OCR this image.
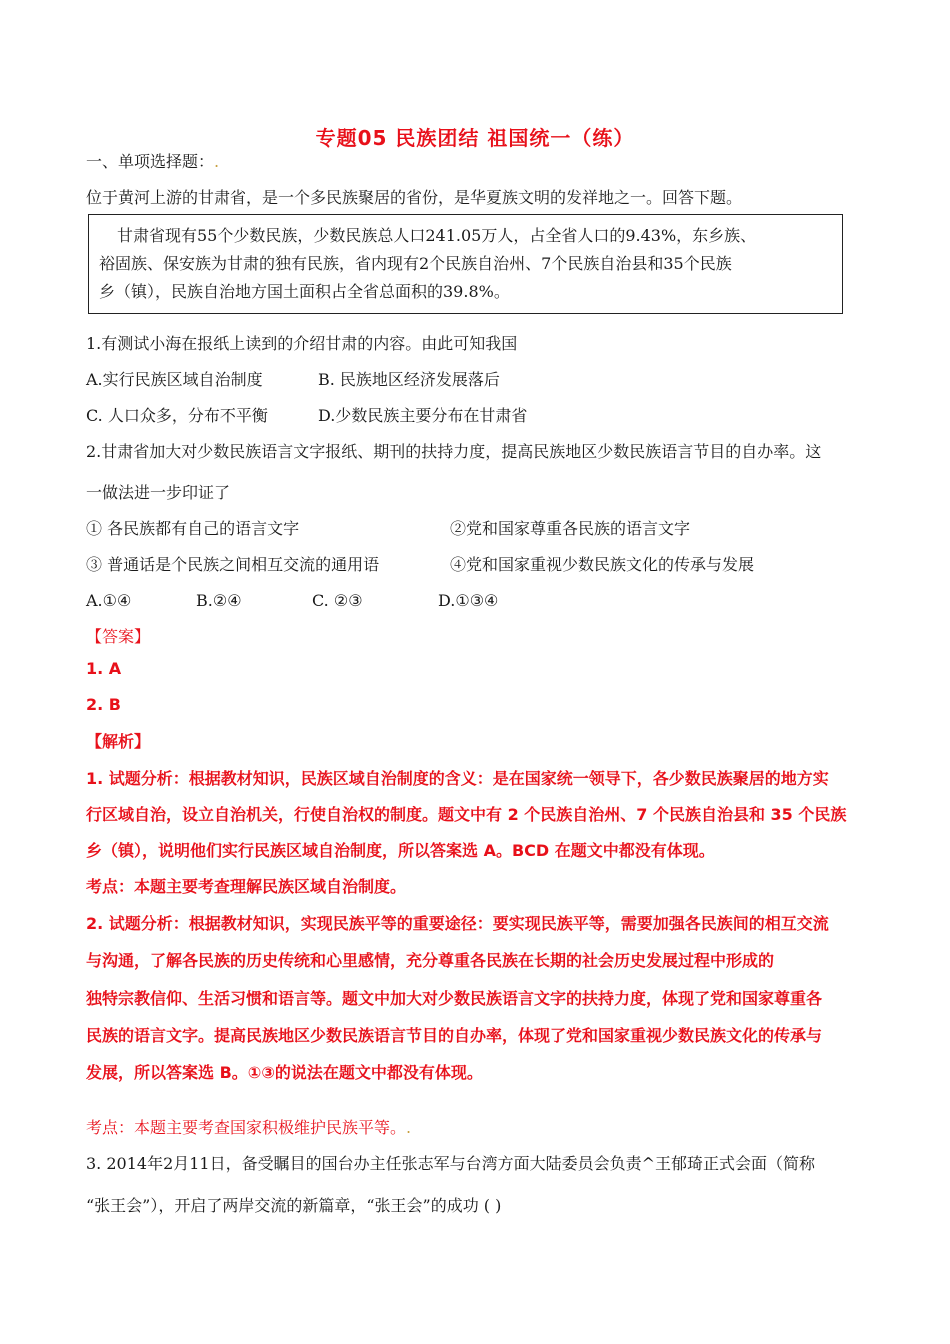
专题05 民族团结 祖国统一（练）
一、单项选择题：.
位于黄河上游的甘肃省，是一个多民族聚居的省份，是华夏族文明的发祥地之一。回答下题。
甘肃省现有55个少数民族，少数民族总人口241.05万人，占全省人口的9.43%，东乡族、
裕固族、保安族为甘肃的独有民族，省内现有2个民族自治州、7个民族自治县和35个民族
乡（镇），民族自治地方国土面积占全省总面积的39.8%。
1.有测试小海在报纸上读到的介绍甘肃的内容。由此可知我国
A.实行民族区域自治制度	B. 民族地区经济发展落后
C. 人口众多，分布不平衡	D.少数民族主要分布在甘肃省
2.甘肃省加大对少数民族语言文字报纸、期刊的扶持力度，提高民族地区少数民族语言节目的自办率。这
一做法进一步印证了
① 各民族都有自己的语言文字	②党和国家尊重各民族的语言文字
③ 普通话是个民族之间相互交流的通用语	④党和国家重视少数民族文化的传承与发展
A.①④	B.②④	C. ②③	D.①③④
【答案】
1. A
2. B
【解析】
1. 试题分析：根据教材知识，民族区域自治制度的含义：是在国家统一领导下，各少数民族聚居的地方实
行区域自治，设立自治机关，行使自治权的制度。题文中有 2 个民族自治州、7 个民族自治县和 35 个民族
乡（镇），说明他们实行民族区域自治制度，所以答案选 A。BCD 在题文中都没有体现。
考点：本题主要考查理解民族区域自治制度。
2. 试题分析：根据教材知识，实现民族平等的重要途径：要实现民族平等，需要加强各民族间的相互交流
与沟通，了解各民族的历史传统和心里感情，充分尊重各民族在长期的社会历史发展过程中形成的
独特宗教信仰、生活习惯和语言等。题文中加大对少数民族语言文字的扶持力度，体现了党和国家尊重各
民族的语言文字。提高民族地区少数民族语言节目的自办率，体现了党和国家重视少数民族文化的传承与
发展，所以答案选 B。①③的说法在题文中都没有体现。
考点：本题主要考查国家积极维护民族平等。.
3. 2014年2月11日，备受瞩目的国台办主任张志军与台湾方面大陆委员会负责^王郁琦正式会面（简称
“张王会”），开启了两岸交流的新篇章，“张王会”的成功 ( )
